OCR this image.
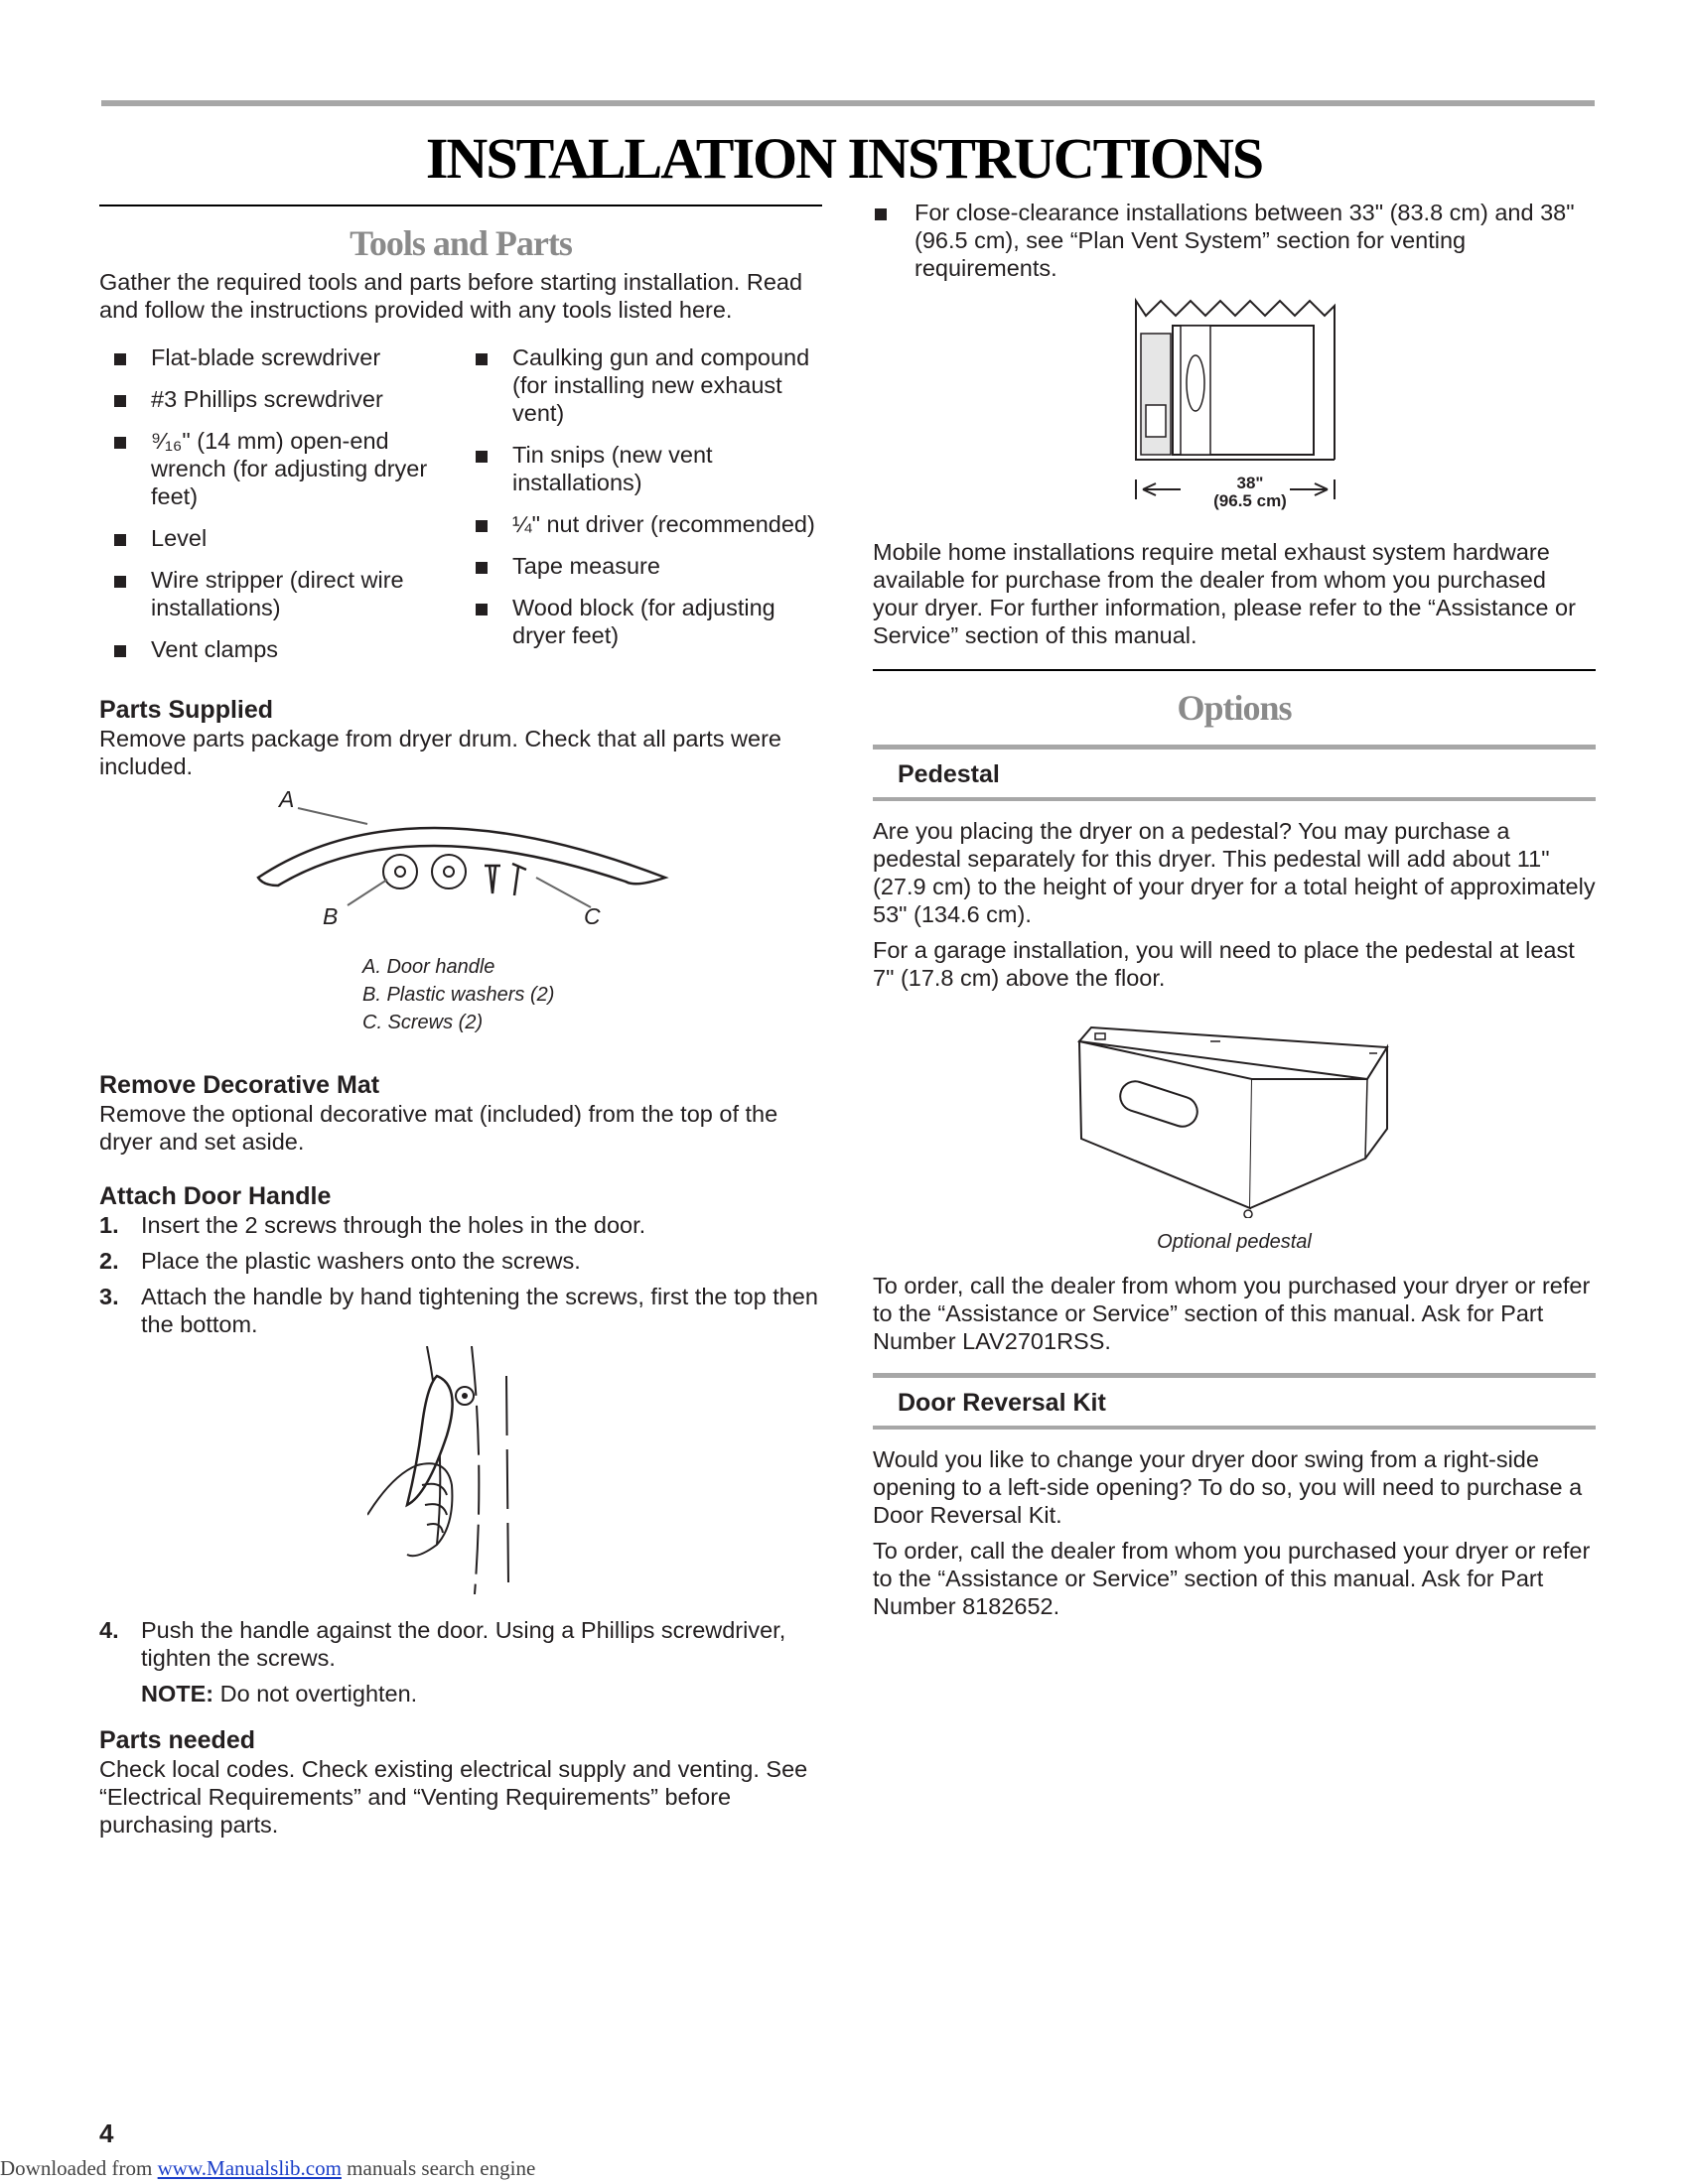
INSTALLATION INSTRUCTIONS
Tools and Parts

Gather the required tools and parts before starting installation. Read and follow the instructions provided with any tools listed here.

Flat-blade screwdriver
#3 Phillips screwdriver
⁹⁄₁₆" (14 mm) open-end wrench (for adjusting dryer feet)
Level
Wire stripper (direct wire installations)
Vent clamps
Caulking gun and compound (for installing new exhaust vent)
Tin snips (new vent installations)
¼" nut driver (recommended)
Tape measure
Wood block (for adjusting dryer feet)
Parts Supplied

Remove parts package from dryer drum. Check that all parts were included.

A
B	C
A. Door handle
B. Plastic washers (2)
C. Screws (2)
Remove Decorative Mat

Remove the optional decorative mat (included) from the top of the dryer and set aside.

Attach Door Handle
1. Insert the 2 screws through the holes in the door.
2. Place the plastic washers onto the screws.
3. Attach the handle by hand tightening the screws, first the top then the bottom.
4. Push the handle against the door. Using a Phillips screwdriver, tighten the screws.
NOTE: Do not overtighten.
Parts needed

Check local codes. Check existing electrical supply and venting. See “Electrical Requirements” and “Venting Requirements” before purchasing parts.

For close-clearance installations between 33" (83.8 cm) and 38" (96.5 cm), see “Plan Vent System” section for venting requirements.
38"
(96.5 cm)

Mobile home installations require metal exhaust system hardware available for purchase from the dealer from whom you purchased your dryer. For further information, please refer to the “Assistance or Service” section of this manual.

Options
Pedestal

Are you placing the dryer on a pedestal? You may purchase a pedestal separately for this dryer. This pedestal will add about 11" (27.9 cm) to the height of your dryer for a total height of approximately 53" (134.6 cm).

For a garage installation, you will need to place the pedestal at least 7" (17.8 cm) above the floor.

Optional pedestal

To order, call the dealer from whom you purchased your dryer or refer to the “Assistance or Service” section of this manual. Ask for Part Number LAV2701RSS.

Door Reversal Kit

Would you like to change your dryer door swing from a right-side opening to a left-side opening? To do so, you will need to purchase a Door Reversal Kit.

To order, call the dealer from whom you purchased your dryer or refer to the “Assistance or Service” section of this manual. Ask for Part Number 8182652.

4
Downloaded from www.Manualslib.com manuals search engine
